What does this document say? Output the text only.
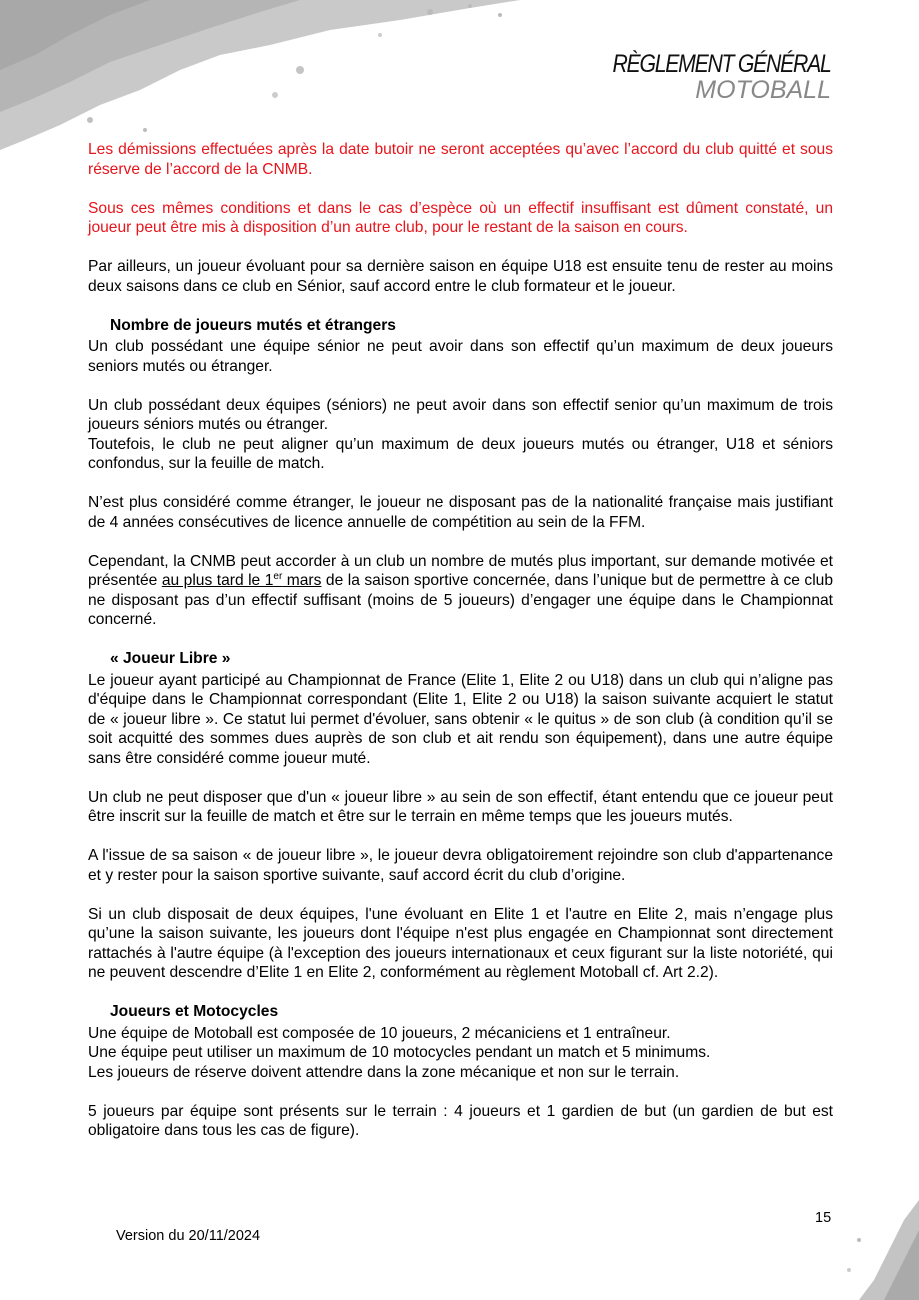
RÈGLEMENT GÉNÉRAL
MOTOBALL

Les démissions effectuées après la date butoir ne seront acceptées qu’avec l’accord du club quitté et sous réserve de l’accord de la CNMB.

Sous ces mêmes conditions et dans le cas d’espèce où un effectif insuffisant est dûment constaté, un joueur peut être mis à disposition d’un autre club, pour le restant de la saison en cours.

Par ailleurs, un joueur évoluant pour sa dernière saison en équipe U18 est ensuite tenu de rester au moins deux saisons dans ce club en Sénior, sauf accord entre le club formateur et le joueur.

Nombre de joueurs mutés et étrangers

Un club possédant une équipe sénior ne peut avoir dans son effectif qu’un maximum de deux joueurs seniors mutés ou étranger.

Un club possédant deux équipes (séniors) ne peut avoir dans son effectif senior qu’un maximum de trois joueurs séniors mutés ou étranger.
Toutefois, le club ne peut aligner qu’un maximum de deux joueurs mutés ou étranger, U18 et séniors confondus, sur la feuille de match.

N’est plus considéré comme étranger, le joueur ne disposant pas de la nationalité française mais justifiant de 4 années consécutives de licence annuelle de compétition au sein de la FFM.

Cependant, la CNMB peut accorder à un club un nombre de mutés plus important, sur demande motivée et présentée au plus tard le 1er mars de la saison sportive concernée, dans l’unique but de permettre à ce club ne disposant pas d’un effectif suffisant (moins de 5 joueurs) d’engager une équipe dans le Championnat concerné.

« Joueur Libre »

Le joueur ayant participé au Championnat de France (Elite 1, Elite 2 ou U18) dans un club qui n’aligne pas d'équipe dans le Championnat correspondant (Elite 1, Elite 2 ou U18) la saison suivante acquiert le statut de « joueur libre ». Ce statut lui permet d'évoluer, sans obtenir « le quitus » de son club (à condition qu’il se soit acquitté des sommes dues auprès de son club et ait rendu son équipement), dans une autre équipe sans être considéré comme joueur muté.

Un club ne peut disposer que d'un « joueur libre » au sein de son effectif, étant entendu que ce joueur peut être inscrit sur la feuille de match et être sur le terrain en même temps que les joueurs mutés.

A l'issue de sa saison « de joueur libre », le joueur devra obligatoirement rejoindre son club d'appartenance et y rester pour la saison sportive suivante, sauf accord écrit du club d’origine.

Si un club disposait de deux équipes, l'une évoluant en Elite 1 et l'autre en Elite 2, mais n’engage plus qu’une la saison suivante, les joueurs dont l'équipe n'est plus engagée en Championnat sont directement rattachés à l'autre équipe (à l'exception des joueurs internationaux et ceux figurant sur la liste notoriété, qui ne peuvent descendre d’Elite 1 en Elite 2, conformément au règlement Motoball cf. Art 2.2).

Joueurs et Motocycles

Une équipe de Motoball est composée de 10 joueurs, 2 mécaniciens et 1 entraîneur.
Une équipe peut utiliser un maximum de 10 motocycles pendant un match et 5 minimums.
Les joueurs de réserve doivent attendre dans la zone mécanique et non sur le terrain.

5 joueurs par équipe sont présents sur le terrain : 4 joueurs et 1 gardien de but (un gardien de but est obligatoire dans tous les cas de figure).

15
Version du 20/11/2024
